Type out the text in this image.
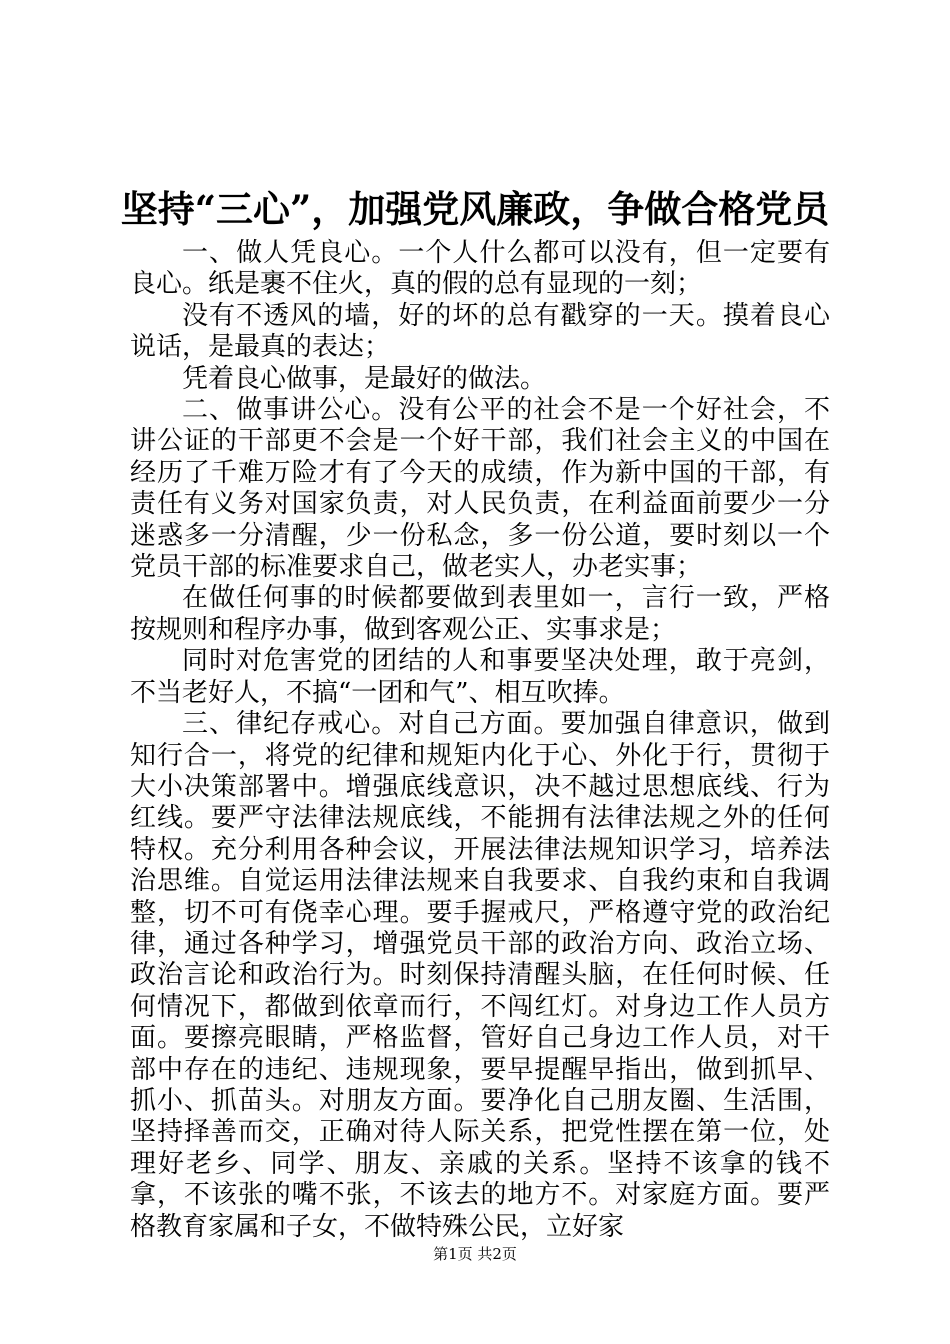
坚持“三心”，加强党风廉政，争做合格党员

一、做人凭良心。一个人什么都可以没有，但一定要有良心。纸是裹不住火，真的假的总有显现的一刻；

没有不透风的墙，好的坏的总有戳穿的一天。摸着良心说话，是最真的表达；

凭着良心做事，是最好的做法。

二、做事讲公心。没有公平的社会不是一个好社会，不讲公证的干部更不会是一个好干部，我们社会主义的中国在经历了千难万险才有了今天的成绩，作为新中国的干部，有责任有义务对国家负责，对人民负责，在利益面前要少一分迷惑多一分清醒，少一份私念，多一份公道，要时刻以一个党员干部的标准要求自己，做老实人，办老实事；

在做任何事的时候都要做到表里如一，言行一致，严格按规则和程序办事，做到客观公正、实事求是；

同时对危害党的团结的人和事要坚决处理，敢于亮剑，不当老好人，不搞“一团和气”、相互吹捧。

三、律纪存戒心。对自己方面。要加强自律意识，做到知行合一，将党的纪律和规矩内化于心、外化于行，贯彻于大小决策部署中。增强底线意识，决不越过思想底线、行为红线。要严守法律法规底线，不能拥有法律法规之外的任何特权。充分利用各种会议，开展法律法规知识学习，培养法治思维。自觉运用法律法规来自我要求、自我约束和自我调整，切不可有侥幸心理。要手握戒尺，严格遵守党的政治纪律，通过各种学习，增强党员干部的政治方向、政治立场、政治言论和政治行为。时刻保持清醒头脑，在任何时候、任何情况下，都做到依章而行，不闯红灯。对身边工作人员方面。要擦亮眼睛，严格监督，管好自己身边工作人员，对干部中存在的违纪、违规现象，要早提醒早指出，做到抓早、抓小、抓苗头。对朋友方面。要净化自己朋友圈、生活围，坚持择善而交，正确对待人际关系，把党性摆在第一位，处理好老乡、同学、朋友、亲戚的关系。坚持不该拿的钱不拿，不该张的嘴不张，不该去的地方不。对家庭方面。要严格教育家属和子女，不做特殊公民，立好家

第1页 共2页
